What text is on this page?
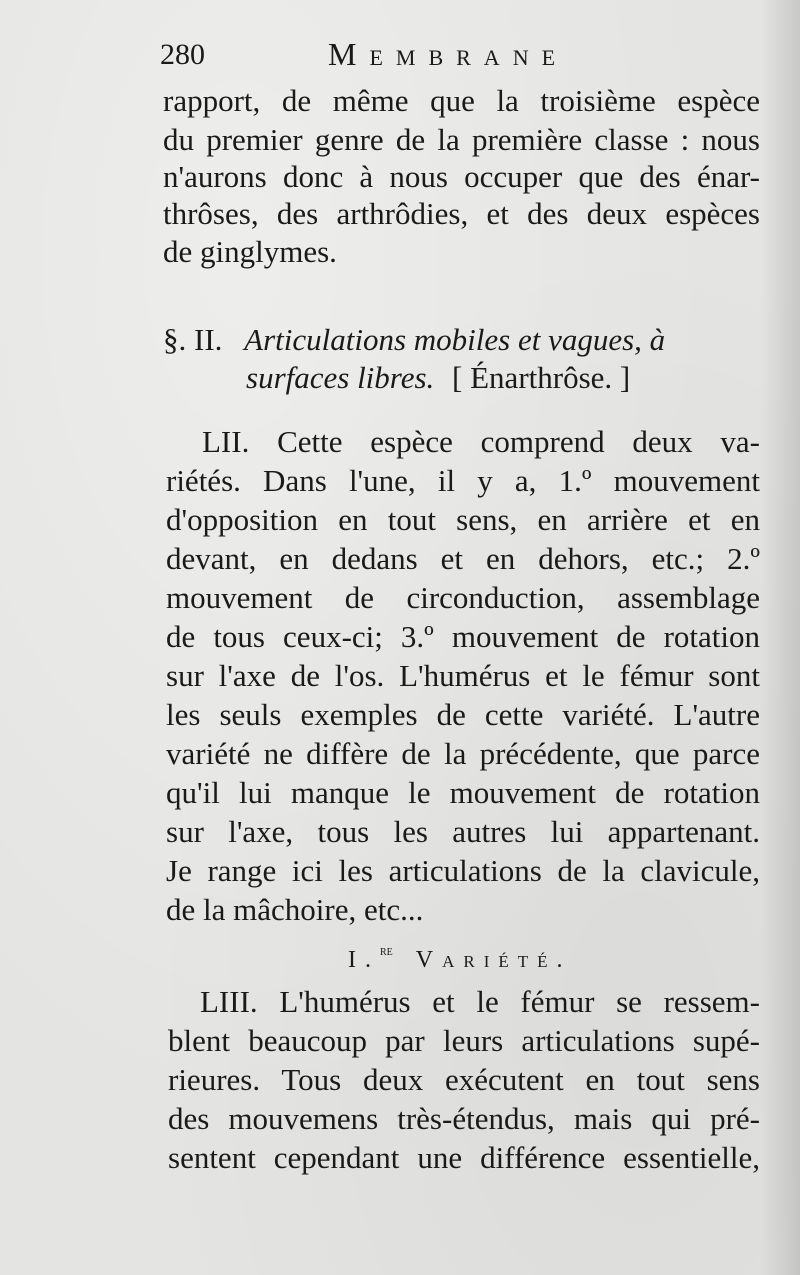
280	Membrane
rapport, de même que la troisième espèce
du premier genre de la première classe : nous
n'aurons donc à nous occuper que des énar-
thrôses, des arthrôdies, et des deux espèces
de ginglymes.
§. II. Articulations mobiles et vagues, à
surfaces libres. [ Énarthrôse. ]
LII. Cette espèce comprend deux va-
riétés. Dans l'une, il y a, 1.º mouvement
d'opposition en tout sens, en arrière et en
devant, en dedans et en dehors, etc.; 2.º
mouvement de circonduction, assemblage
de tous ceux-ci; 3.º mouvement de rotation
sur l'axe de l'os. L'humérus et le fémur sont
les seuls exemples de cette variété. L'autre
variété ne diffère de la précédente, que parce
qu'il lui manque le mouvement de rotation
sur l'axe, tous les autres lui appartenant.
Je range ici les articulations de la clavicule,
de la mâchoire, etc...
I.$^{re}$ Variété.
LIII. L'humérus et le fémur se ressem-
blent beaucoup par leurs articulations supé-
rieures. Tous deux exécutent en tout sens
des mouvemens très-étendus, mais qui pré-
sentent cependant une différence essentielle,
